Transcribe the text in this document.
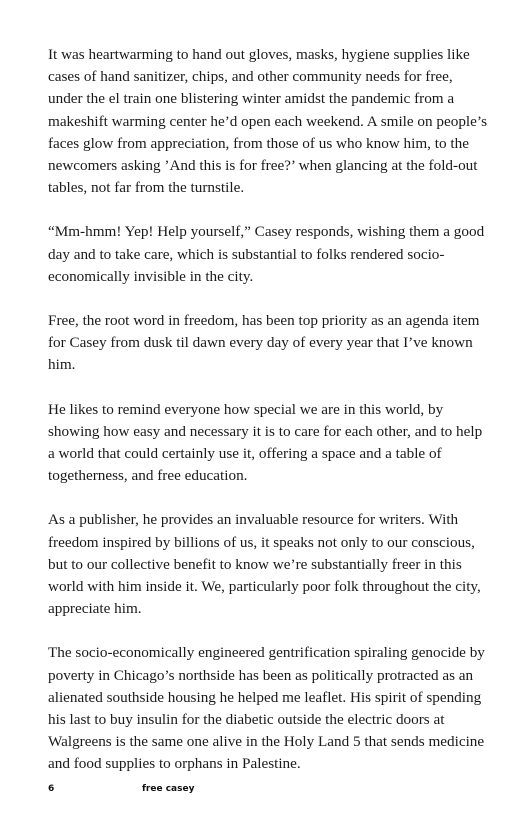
It was heartwarming to hand out gloves, masks, hygiene supplies like cases of hand sanitizer, chips, and other community needs for free, under the el train one blistering winter amidst the pandemic from a makeshift warming center he’d open each weekend. A smile on people’s faces glow from appreciation, from those of us who know him, to the newcomers asking ’And this is for free?’ when glancing at the fold-out tables, not far from the turnstile.

“Mm-hmm! Yep! Help yourself,” Casey responds, wishing them a good day and to take care, which is substantial to folks rendered socio-economically invisible in the city.

Free, the root word in freedom, has been top priority as an agenda item for Casey from dusk til dawn every day of every year that I’ve known him.

He likes to remind everyone how special we are in this world, by showing how easy and necessary it is to care for each other, and to help a world that could certainly use it, offering a space and a table of togetherness, and free education.

As a publisher, he provides an invaluable resource for writers. With freedom inspired by billions of us, it speaks not only to our conscious, but to our collective benefit to know we’re substantially freer in this world with him inside it. We, particularly poor folk throughout the city, appreciate him.

The socio-economically engineered gentrification spiraling genocide by poverty in Chicago’s northside has been as politically protracted as an alienated southside housing he helped me leaflet. His spirit of spending his last to buy insulin for the diabetic outside the electric doors at Walgreens is the same one alive in the Holy Land 5 that sends medicine and food supplies to orphans in Palestine.

6	free casey
